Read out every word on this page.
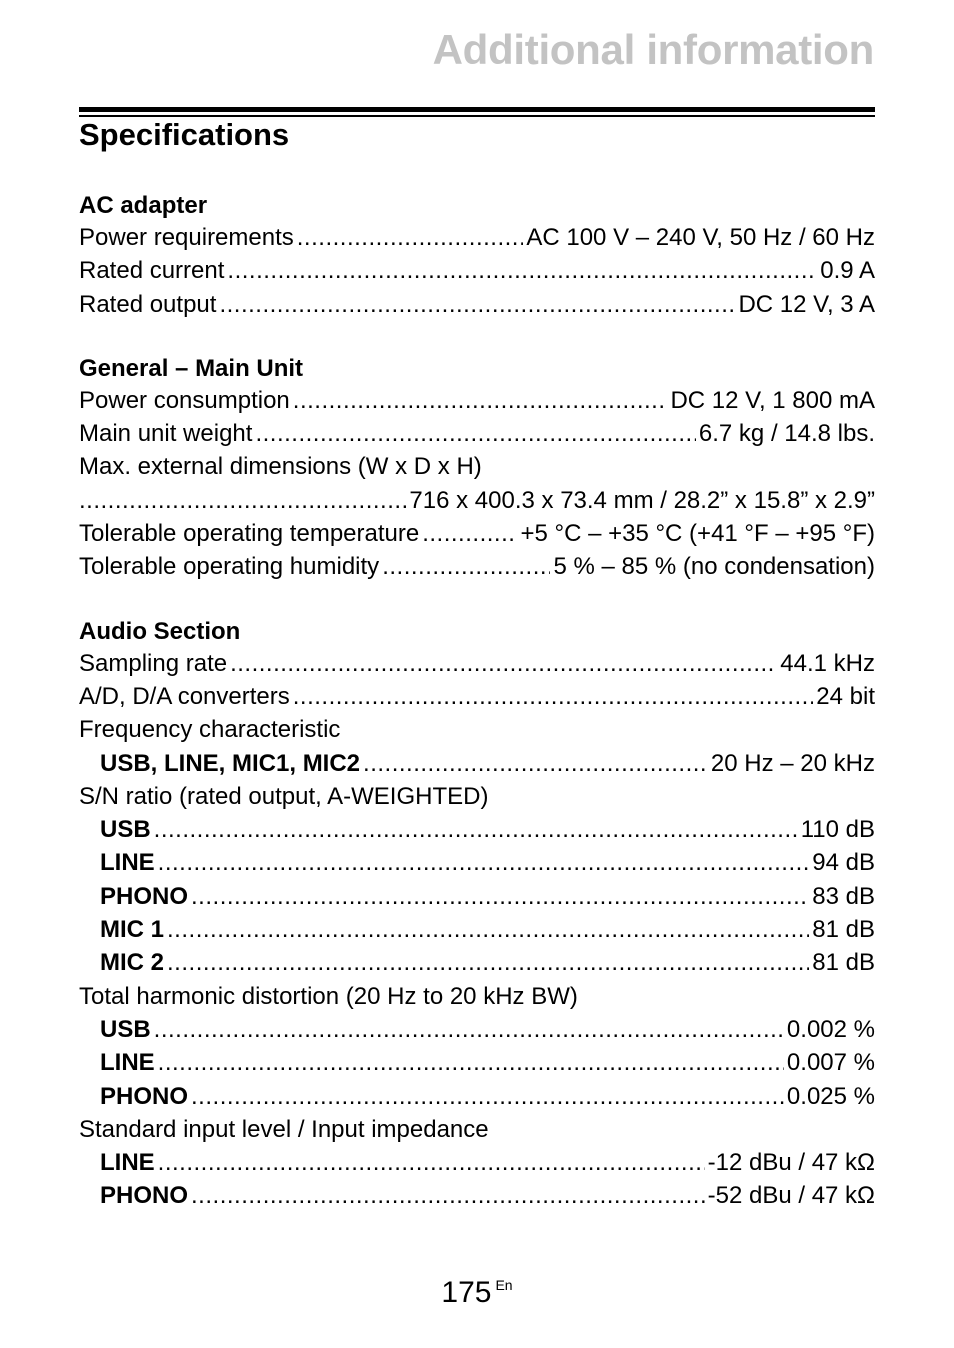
Additional information
Specifications
AC adapter
Power requirements .....	AC 100 V – 240 V, 50 Hz / 60 Hz
Rated current .....	0.9 A
Rated output .....	DC 12 V, 3 A
General – Main Unit
Power consumption .....	DC 12 V, 1 800 mA
Main unit weight .....	6.7 kg / 14.8 lbs.
Max. external dimensions (W x D x H)
.....
716 x 400.3 x 73.4 mm / 28.2” x 15.8” x 2.9”
Tolerable operating temperature .....	+5 °C – +35 °C (+41 °F – +95 °F)
Tolerable operating humidity .....	5 % – 85 % (no condensation)
Audio Section
Sampling rate .....	44.1 kHz
A/D, D/A converters .....	24 bit
Frequency characteristic
USB, LINE, MIC1, MIC2 .....	20 Hz – 20 kHz
S/N ratio (rated output, A-WEIGHTED)
USB .....	110 dB
LINE .....	94 dB
PHONO .....	83 dB
MIC 1 .....	81 dB
MIC 2 .....	81 dB
Total harmonic distortion (20 Hz to 20 kHz BW)
USB .....	0.002 %
LINE .....	0.007 %
PHONO .....	0.025 %
Standard input level / Input impedance
LINE .....	-12 dBu / 47 kΩ
PHONO .....	-52 dBu / 47 kΩ
175 En
